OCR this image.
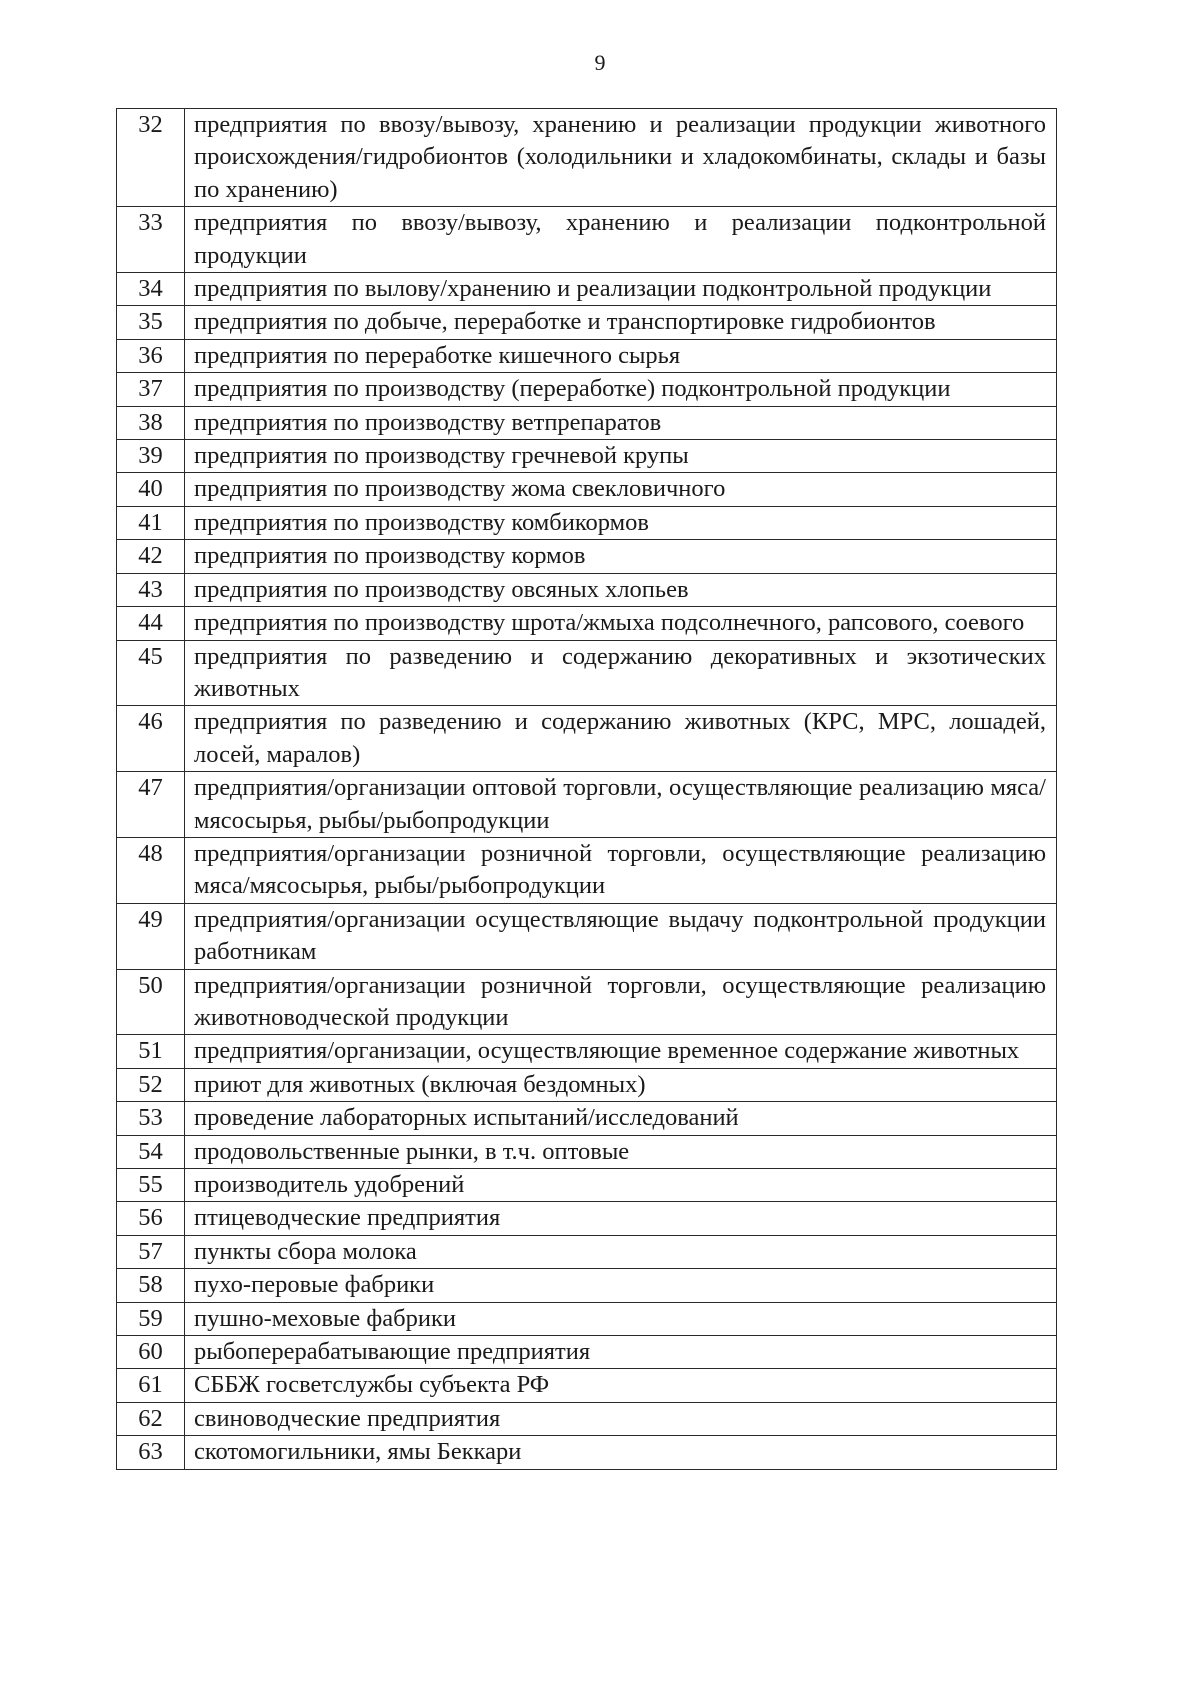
9
32	предприятия по ввозу/вывозу, хранению и реализации продукции животного происхождения/гидробионтов (холодильники и хладокомбинаты, склады и базы по хранению)
33	предприятия по ввозу/вывозу, хранению и реализации подконтрольной продукции
34	предприятия по вылову/хранению и реализации подконтрольной продукции
35	предприятия по добыче, переработке и транспортировке гидробионтов
36	предприятия по переработке кишечного сырья
37	предприятия по производству (переработке) подконтрольной продукции
38	предприятия по производству ветпрепаратов
39	предприятия по производству гречневой крупы
40	предприятия по производству жома свекловичного
41	предприятия по производству комбикормов
42	предприятия по производству кормов
43	предприятия по производству овсяных хлопьев
44	предприятия по производству шрота/жмыха подсолнечного, рапсового, соевого
45	предприятия по разведению и содержанию декоративных и экзотических животных
46	предприятия по разведению и содержанию животных (КРС, МРС, лошадей, лосей, маралов)
47	предприятия/организации оптовой торговли, осуществляющие реализацию мяса/мясосырья, рыбы/рыбопродукции
48	предприятия/организации розничной торговли, осуществляющие реализацию мяса/мясосырья, рыбы/рыбопродукции
49	предприятия/организации осуществляющие выдачу подконтрольной продукции работникам
50	предприятия/организации розничной торговли, осуществляющие реализацию животноводческой продукции
51	предприятия/организации, осуществляющие временное содержание животных
52	приют для животных (включая бездомных)
53	проведение лабораторных испытаний/исследований
54	продовольственные рынки, в т.ч. оптовые
55	производитель удобрений
56	птицеводческие предприятия
57	пункты сбора молока
58	пухо-перовые фабрики
59	пушно-меховые фабрики
60	рыбоперерабатывающие предприятия
61	СББЖ госветслужбы субъекта РФ
62	свиноводческие предприятия
63	скотомогильники, ямы Беккари
